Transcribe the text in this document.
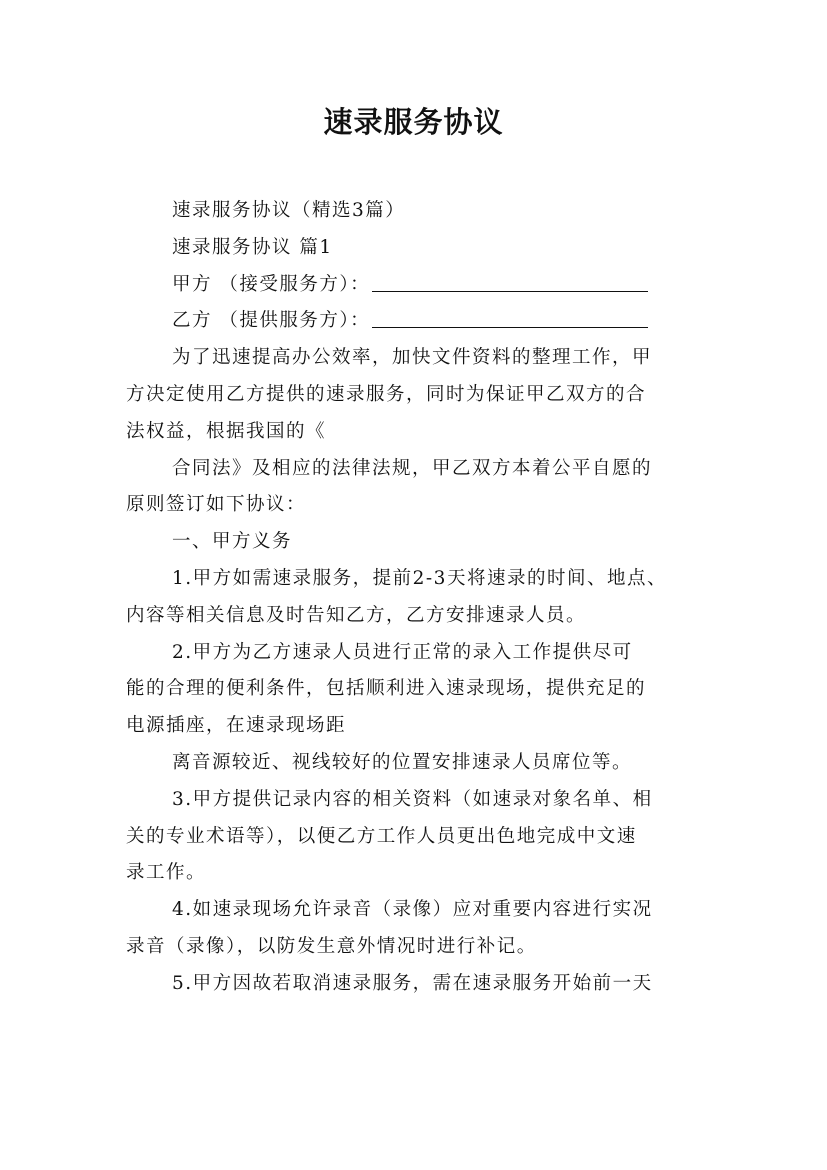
速录服务协议
速录服务协议（精选3篇）
速录服务协议 篇1
甲方 （接受服务方）：
乙方 （提供服务方）：
为了迅速提高办公效率，加快文件资料的整理工作，甲
方决定使用乙方提供的速录服务，同时为保证甲乙双方的合
法权益，根据我国的《
合同法》及相应的法律法规，甲乙双方本着公平自愿的
原则签订如下协议：
一、甲方义务
1.甲方如需速录服务，提前2-3天将速录的时间、地点、
内容等相关信息及时告知乙方，乙方安排速录人员。
2.甲方为乙方速录人员进行正常的录入工作提供尽可
能的合理的便利条件，包括顺利进入速录现场，提供充足的
电源插座，在速录现场距
离音源较近、视线较好的位置安排速录人员席位等。
3.甲方提供记录内容的相关资料（如速录对象名单、相
关的专业术语等），以便乙方工作人员更出色地完成中文速
录工作。
4.如速录现场允许录音（录像）应对重要内容进行实况
录音（录像），以防发生意外情况时进行补记。
5.甲方因故若取消速录服务，需在速录服务开始前一天
